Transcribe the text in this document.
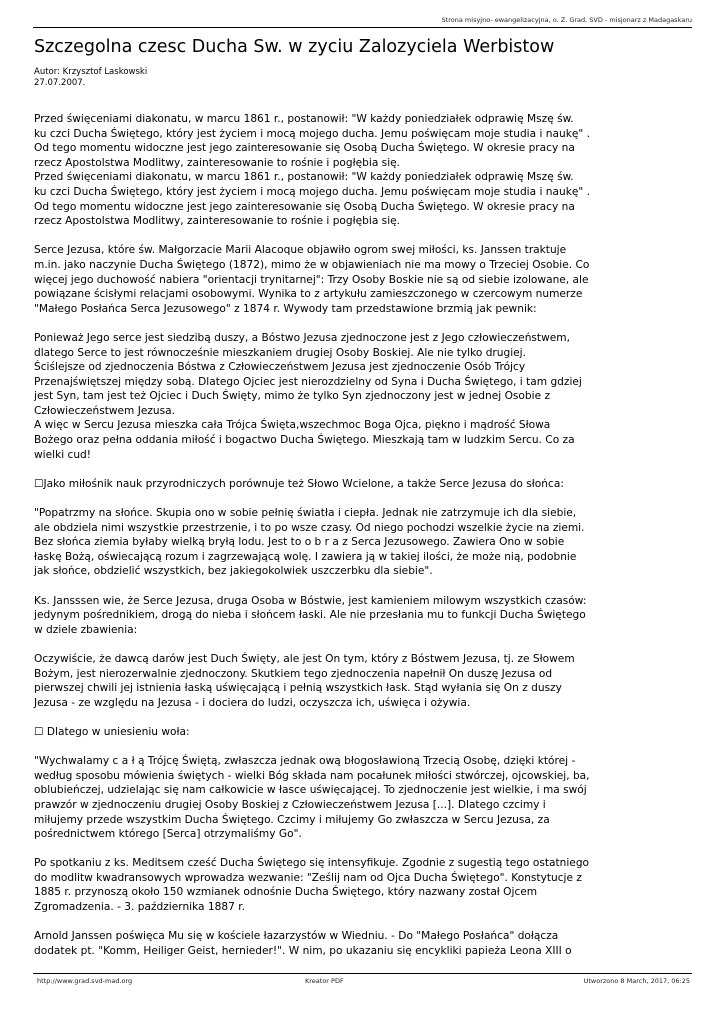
Strona misyjno- ewangelizacyjna, o. Z. Grad, SVD - misjonarz z Madagaskaru
Szczegolna czesc Ducha Sw. w zyciu Zalozyciela Werbistow
Autor: Krzysztof Laskowski
27.07.2007.

Przed święceniami diakonatu, w marcu 1861 r., postanowił: "W każdy poniedziałek odprawię Mszę św.
ku czci Ducha Świętego, który jest życiem i mocą mojego ducha. Jemu poświęcam moje studia i naukę" .
Od tego momentu widoczne jest jego zainteresowanie się Osobą Ducha Świętego. W okresie pracy na
rzecz Apostolstwa Modlitwy, zainteresowanie to rośnie i pogłębia się.
Przed święceniami diakonatu, w marcu 1861 r., postanowił: "W każdy poniedziałek odprawię Mszę św.
ku czci Ducha Świętego, który jest życiem i mocą mojego ducha. Jemu poświęcam moje studia i naukę" .
Od tego momentu widoczne jest jego zainteresowanie się Osobą Ducha Świętego. W okresie pracy na
rzecz Apostolstwa Modlitwy, zainteresowanie to rośnie i pogłębia się.

Serce Jezusa, które św. Małgorzacie Marii Alacoque objawiło ogrom swej miłości, ks. Janssen traktuje
m.in. jako naczynie Ducha Świętego (1872), mimo że w objawieniach nie ma mowy o Trzeciej Osobie. Co
więcej jego duchowość nabiera "orientacji trynitarnej": Trzy Osoby Boskie nie są od siebie izolowane, ale
powiązane ścisłymi relacjami osobowymi. Wynika to z artykułu zamieszczonego w czercowym numerze
"Małego Posłańca Serca Jezusowego" z 1874 r. Wywody tam przedstawione brzmią jak pewnik:

Ponieważ Jego serce jest siedzibą duszy, a Bóstwo Jezusa zjednoczone jest z Jego człowieczeństwem,
dlatego Serce to jest równocześnie mieszkaniem drugiej Osoby Boskiej. Ale nie tylko drugiej.
Ściślejsze od zjednoczenia Bóstwa z Człowieczeństwem Jezusa jest zjednoczenie Osób Trójcy
Przenajświętszej między sobą. Dlatego Ojciec jest nierozdzielny od Syna i Ducha Świętego, i tam gdziej
jest Syn, tam jest też Ojciec i Duch Święty, mimo że tylko Syn zjednoczony jest w jednej Osobie z
Człowieczeństwem Jezusa.
A więc w Sercu Jezusa mieszka cała Trójca Święta,wszechmoc Boga Ojca, piękno i mądrość Słowa
Bożego oraz pełna oddania miłość i bogactwo Ducha Świętego. Mieszkają tam w ludzkim Sercu. Co za
wielki cud!

☐Jako miłośnik nauk przyrodniczych porównuje też Słowo Wcielone, a także Serce Jezusa do słońca:

"Popatrzmy na słońce. Skupia ono w sobie pełnię światła i ciepła. Jednak nie zatrzymuje ich dla siebie,
ale obdziela nimi wszystkie przestrzenie, i to po wsze czasy. Od niego pochodzi wszelkie życie na ziemi.
Bez słońca ziemia byłaby wielką bryłą lodu. Jest to o b r a z Serca Jezusowego. Zawiera Ono w sobie
łaskę Bożą, oświecającą rozum i zagrzewającą wolę. I zawiera ją w takiej ilości, że może nią, podobnie
jak słońce, obdzielić wszystkich, bez jakiegokolwiek uszczerbku dla siebie".

Ks. Jansssen wie, że Serce Jezusa, druga Osoba w Bóstwie, jest kamieniem milowym wszystkich czasów:
jedynym pośrednikiem, drogą do nieba i słońcem łaski. Ale nie przesłania mu to funkcji Ducha Świętego
w dziele zbawienia:

Oczywiście, że dawcą darów jest Duch Święty, ale jest On tym, który z Bóstwem Jezusa, tj. ze Słowem
Bożym, jest nierozerwalnie zjednoczony. Skutkiem tego zjednoczenia napełnił On duszę Jezusa od
pierwszej chwili jej istnienia łaską uświęcającą i pełnią wszystkich łask. Stąd wyłania się On z duszy
Jezusa - ze względu na Jezusa - i dociera do ludzi, oczyszcza ich, uświęca i ożywia.

☐ Dlatego w uniesieniu woła:

"Wychwalamy c a ł ą Trójcę Świętą, zwłaszcza jednak ową błogosławioną Trzecią Osobę, dzięki której -
według sposobu mówienia świętych - wielki Bóg składa nam pocałunek miłości stwórczej, ojcowskiej, ba,
oblubieńczej, udzielając się nam całkowicie w łasce uświęcającej. To zjednoczenie jest wielkie, i ma swój
prawzór w zjednoczeniu drugiej Osoby Boskiej z Człowieczeństwem Jezusa [...]. Dlatego czcimy i
miłujemy przede wszystkim Ducha Świętego. Czcimy i miłujemy Go zwłaszcza w Sercu Jezusa, za
pośrednictwem którego [Serca] otrzymaliśmy Go".

Po spotkaniu z ks. Meditsem cześć Ducha Świętego się intensyfikuje. Zgodnie z sugestią tego ostatniego
do modlitw kwadransowych wprowadza wezwanie: "Ześlij nam od Ojca Ducha Świętego". Konstytucje z
1885 r. przynoszą około 150 wzmianek odnośnie Ducha Świętego, który nazwany został Ojcem
Zgromadzenia. - 3. października 1887 r.

Arnold Janssen poświęca Mu się w kościele łazarzystów w Wiedniu. - Do "Małego Posłańca" dołącza
dodatek pt. "Komm, Heiliger Geist, hernieder!". W nim, po ukazaniu się encykliki papieża Leona XIII o

http://www.grad.svd-mad.org	Kreator PDF	Utworzono 8 March, 2017, 06:25
